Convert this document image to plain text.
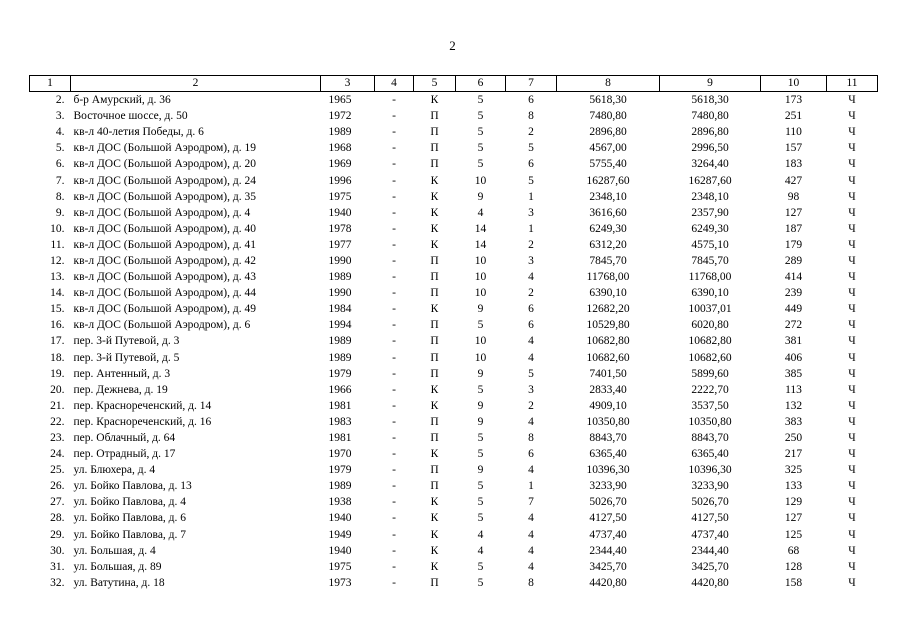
2
1	2	3	4	5	6	7	8	9	10	11
2.	б-р Амурский, д. 36	1965	-	К	5	6	5618,30	5618,30	173	Ч
3.	Восточное шоссе, д. 50	1972	-	П	5	8	7480,80	7480,80	251	Ч
4.	кв-л 40-летия Победы, д. 6	1989	-	П	5	2	2896,80	2896,80	110	Ч
5.	кв-л ДОС (Большой Аэродром), д. 19	1968	-	П	5	5	4567,00	2996,50	157	Ч
6.	кв-л ДОС (Большой Аэродром), д. 20	1969	-	П	5	6	5755,40	3264,40	183	Ч
7.	кв-л ДОС (Большой Аэродром), д. 24	1996	-	К	10	5	16287,60	16287,60	427	Ч
8.	кв-л ДОС (Большой Аэродром), д. 35	1975	-	К	9	1	2348,10	2348,10	98	Ч
9.	кв-л ДОС (Большой Аэродром), д. 4	1940	-	К	4	3	3616,60	2357,90	127	Ч
10.	кв-л ДОС (Большой Аэродром), д. 40	1978	-	К	14	1	6249,30	6249,30	187	Ч
11.	кв-л ДОС (Большой Аэродром), д. 41	1977	-	К	14	2	6312,20	4575,10	179	Ч
12.	кв-л ДОС (Большой Аэродром), д. 42	1990	-	П	10	3	7845,70	7845,70	289	Ч
13.	кв-л ДОС (Большой Аэродром), д. 43	1989	-	П	10	4	11768,00	11768,00	414	Ч
14.	кв-л ДОС (Большой Аэродром), д. 44	1990	-	П	10	2	6390,10	6390,10	239	Ч
15.	кв-л ДОС (Большой Аэродром), д. 49	1984	-	К	9	6	12682,20	10037,01	449	Ч
16.	кв-л ДОС (Большой Аэродром), д. 6	1994	-	П	5	6	10529,80	6020,80	272	Ч
17.	пер. 3-й Путевой, д. 3	1989	-	П	10	4	10682,80	10682,80	381	Ч
18.	пер. 3-й Путевой, д. 5	1989	-	П	10	4	10682,60	10682,60	406	Ч
19.	пер. Антенный, д. 3	1979	-	П	9	5	7401,50	5899,60	385	Ч
20.	пер. Дежнева, д. 19	1966	-	К	5	3	2833,40	2222,70	113	Ч
21.	пер. Краснореченский, д. 14	1981	-	К	9	2	4909,10	3537,50	132	Ч
22.	пер. Краснореченский, д. 16	1983	-	П	9	4	10350,80	10350,80	383	Ч
23.	пер. Облачный, д. 64	1981	-	П	5	8	8843,70	8843,70	250	Ч
24.	пер. Отрадный, д. 17	1970	-	К	5	6	6365,40	6365,40	217	Ч
25.	ул. Блюхера, д. 4	1979	-	П	9	4	10396,30	10396,30	325	Ч
26.	ул. Бойко Павлова, д. 13	1989	-	П	5	1	3233,90	3233,90	133	Ч
27.	ул. Бойко Павлова, д. 4	1938	-	К	5	7	5026,70	5026,70	129	Ч
28.	ул. Бойко Павлова, д. 6	1940	-	К	5	4	4127,50	4127,50	127	Ч
29.	ул. Бойко Павлова, д. 7	1949	-	К	4	4	4737,40	4737,40	125	Ч
30.	ул. Большая, д. 4	1940	-	К	4	4	2344,40	2344,40	68	Ч
31.	ул. Большая, д. 89	1975	-	К	5	4	3425,70	3425,70	128	Ч
32.	ул. Ватутина, д. 18	1973	-	П	5	8	4420,80	4420,80	158	Ч
